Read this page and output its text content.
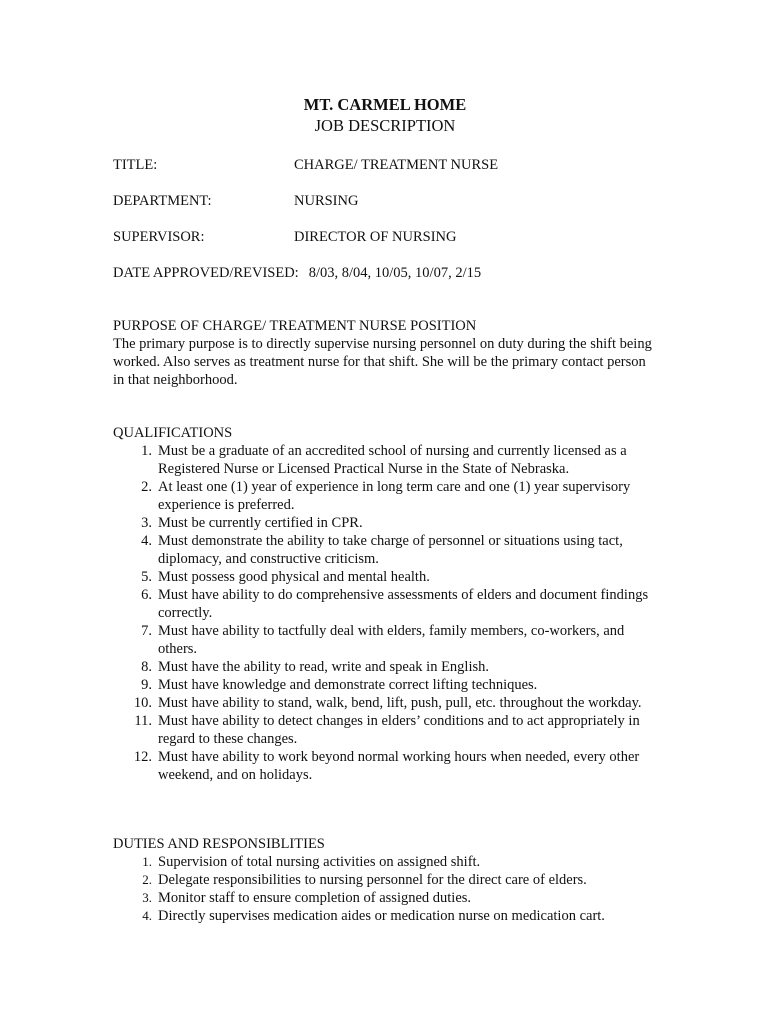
MT. CARMEL HOME
JOB DESCRIPTION
TITLE:	CHARGE/ TREATMENT NURSE
DEPARTMENT:	NURSING
SUPERVISOR:	DIRECTOR OF NURSING
DATE APPROVED/REVISED: 8/03, 8/04, 10/05, 10/07, 2/15
PURPOSE OF CHARGE/ TREATMENT NURSE POSITION
The primary purpose is to directly supervise nursing personnel on duty during the shift being worked. Also serves as treatment nurse for that shift. She will be the primary contact person in that neighborhood.
QUALIFICATIONS
1. Must be a graduate of an accredited school of nursing and currently licensed as a Registered Nurse or Licensed Practical Nurse in the State of Nebraska.
2. At least one (1) year of experience in long term care and one (1) year supervisory experience is preferred.
3. Must be currently certified in CPR.
4. Must demonstrate the ability to take charge of personnel or situations using tact, diplomacy, and constructive criticism.
5. Must possess good physical and mental health.
6. Must have ability to do comprehensive assessments of elders and document findings correctly.
7. Must have ability to tactfully deal with elders, family members, co-workers, and others.
8. Must have the ability to read, write and speak in English.
9. Must have knowledge and demonstrate correct lifting techniques.
10. Must have ability to stand, walk, bend, lift, push, pull, etc. throughout the workday.
11. Must have ability to detect changes in elders’ conditions and to act appropriately in regard to these changes.
12. Must have ability to work beyond normal working hours when needed, every other weekend, and on holidays.
DUTIES AND RESPONSIBLITIES
1. Supervision of total nursing activities on assigned shift.
2. Delegate responsibilities to nursing personnel for the direct care of elders.
3. Monitor staff to ensure completion of assigned duties.
4. Directly supervises medication aides or medication nurse on medication cart.
